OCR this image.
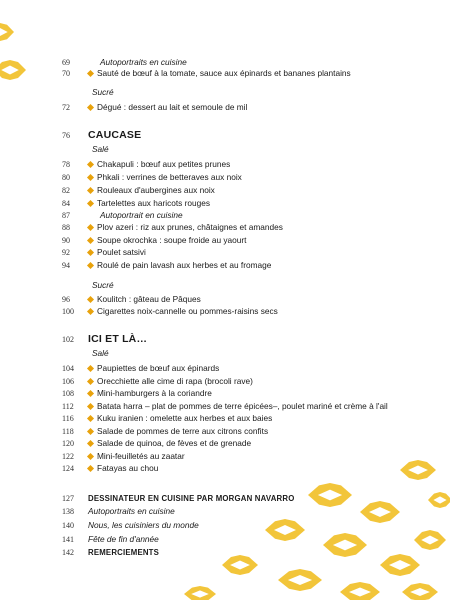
69	Autoportraits en cuisine
70	Sauté de bœuf à la tomate, sauce aux épinards et bananes plantains
Sucré
72	Dégué : dessert au lait et semoule de mil
76	CAUCASE
Salé
78	Chakapuli : bœuf aux petites prunes
80	Phkali : verrines de betteraves aux noix
82	Rouleaux d'aubergines aux noix
84	Tartelettes aux haricots rouges
87	Autoportrait en cuisine
88	Plov azeri : riz aux prunes, châtaignes et amandes
90	Soupe okrochka : soupe froide au yaourt
92	Poulet satsivi
94	Roulé de pain lavash aux herbes et au fromage
Sucré
96	Koulitch : gâteau de Pâques
100	Cigarettes noix-cannelle ou pommes-raisins secs
102	ICI ET LÀ…
Salé
104	Paupiettes de bœuf aux épinards
106	Orecchiette alle cime di rapa (brocoli rave)
108	Mini-hamburgers à la coriandre
112	Batata harra – plat de pommes de terre épicées–, poulet mariné et crème à l'ail
116	Kuku iranien : omelette aux herbes et aux baies
118	Salade de pommes de terre aux citrons confits
120	Salade de quinoa, de fèves et de grenade
122	Mini-feuilletés au zaatar
124	Fatayas au chou
127	DESSINATEUR EN CUISINE PAR MORGAN NAVARRO
138	Autoportraits en cuisine
140	Nous, les cuisiniers du monde
141	Fête de fin d'année
142	REMERCIEMENTS
